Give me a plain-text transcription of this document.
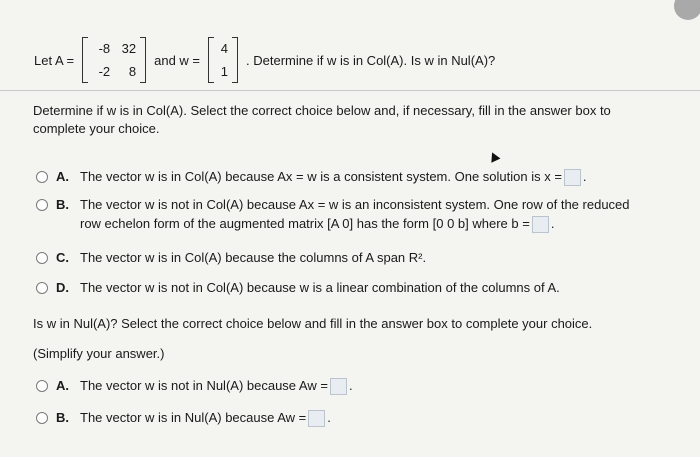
Let A =
-8 32
-2	8
and w =
4
1
. Determine if w is in Col(A). Is w in Nul(A)?
Determine if w is in Col(A). Select the correct choice below and, if necessary, fill in the answer box to
complete your choice.
A. The vector w is in Col(A) because Ax = w is a consistent system. One solution is x = .
B. The vector w is not in Col(A) because Ax = w is an inconsistent system. One row of the reduced
row echelon form of the augmented matrix [A 0] has the form [0 0 b] where b = .
C. The vector w is in Col(A) because the columns of A span R².
D. The vector w is not in Col(A) because w is a linear combination of the columns of A.
Is w in Nul(A)? Select the correct choice below and fill in the answer box to complete your choice.
(Simplify your answer.)
A. The vector w is not in Nul(A) because Aw = .
B. The vector w is in Nul(A) because Aw = .
